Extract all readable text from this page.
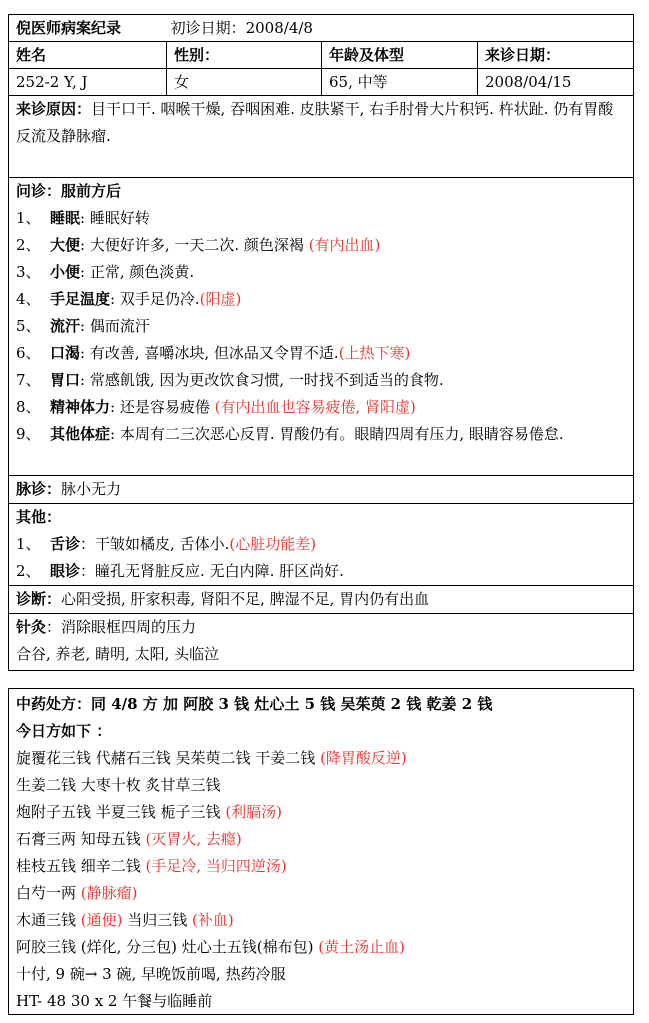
倪医师病案纪录	初诊日期：2008/4/8
姓名	性别：	年龄及体型	来诊日期：
252-2 Y, J	女	65, 中等	2008/04/15
来诊原因：目干口干. 咽喉干燥, 吞咽困难. 皮肤紧干, 右手肘骨大片积钙. 杵状趾. 仍有胃酸反流及静脉瘤.
问诊：服前方后
1、 睡眠: 睡眠好转
2、 大便: 大便好许多, 一天二次. 颜色深褐 (有内出血)
3、 小便: 正常, 颜色淡黄.
4、 手足温度: 双手足仍冷.(阳虚)
5、 流汗: 偶而流汗
6、 口渴: 有改善, 喜嚼冰块, 但冰品又令胃不适.(上热下寒)
7、 胃口: 常感飢饿, 因为更改饮食习惯, 一时找不到适当的食物.
8、 精神体力: 还是容易疲倦 (有内出血也容易疲倦, 肾阳虚)
9、 其他体症: 本周有二三次恶心反胃. 胃酸仍有。眼睛四周有压力, 眼睛容易倦怠.
脉诊：脉小无力
其他：
1、 舌诊：干皱如橘皮, 舌体小.(心脏功能差)
2、 眼诊：瞳孔无肾脏反应. 无白内障. 肝区尚好.
诊断：心阳受损, 肝家积毒, 肾阳不足, 脾湿不足, 胃内仍有出血
针灸：消除眼框四周的压力
合谷, 养老, 睛明, 太阳, 头临泣
中药处方：同 4/8 方 加 阿胶 3 钱 灶心土 5 钱 吴茱萸 2 钱 乾姜 2 钱
今日方如下 ：
旋覆花三钱 代赭石三钱 吴茱萸二钱 干姜二钱 (降胃酸反逆)
生姜二钱 大枣十枚 炙甘草三钱
炮附子五钱 半夏三钱 栀子三钱 (利膈汤)
石膏三两 知母五钱 (灭胃火, 去瘾)
桂枝五钱 细辛二钱 (手足冷, 当归四逆汤)
白芍一两 (静脉瘤)
木通三钱 (通便) 当归三钱 (补血)
阿胶三钱 (烊化, 分三包) 灶心土五钱(棉布包) (黄土汤止血)
十付, 9 碗→ 3 碗, 早晚饭前喝, 热药冷服
HT- 48 30 x 2 午餐与临睡前
